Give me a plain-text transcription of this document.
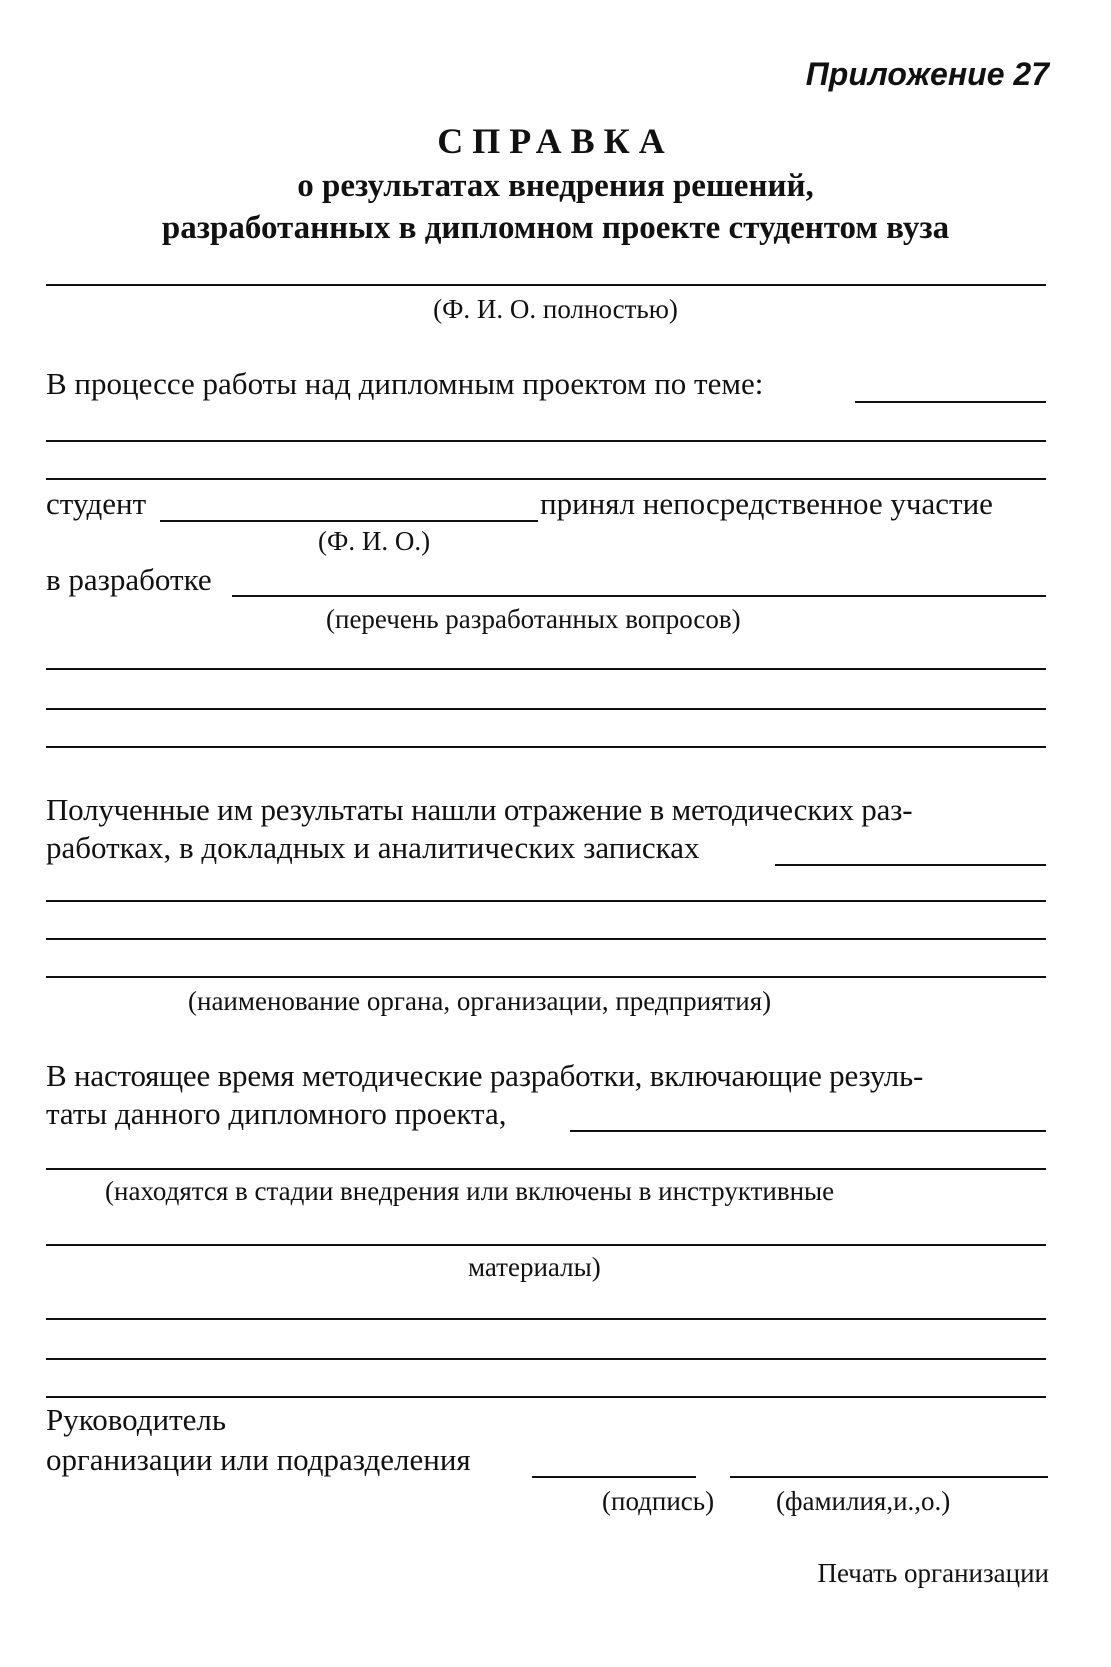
Приложение 27
СПРАВКА
о результатах внедрения решений,
разработанных в дипломном проекте студентом вуза
(Ф. И. О. полностью)
В процессе работы над дипломным проектом по теме:
студент	принял непосредственное участие
(Ф. И. О.)
в разработке
(перечень разработанных вопросов)
Полученные им результаты нашли отражение в методических раз-
работках, в докладных и аналитических записках
(наименование органа, организации, предприятия)
В настоящее время методические разработки, включающие резуль-
таты данного дипломного проекта,
(находятся в стадии внедрения или включены в инструктивные
материалы)
Руководитель
организации или подразделения
(подпись) (фамилия,и.,о.)
Печать организации
